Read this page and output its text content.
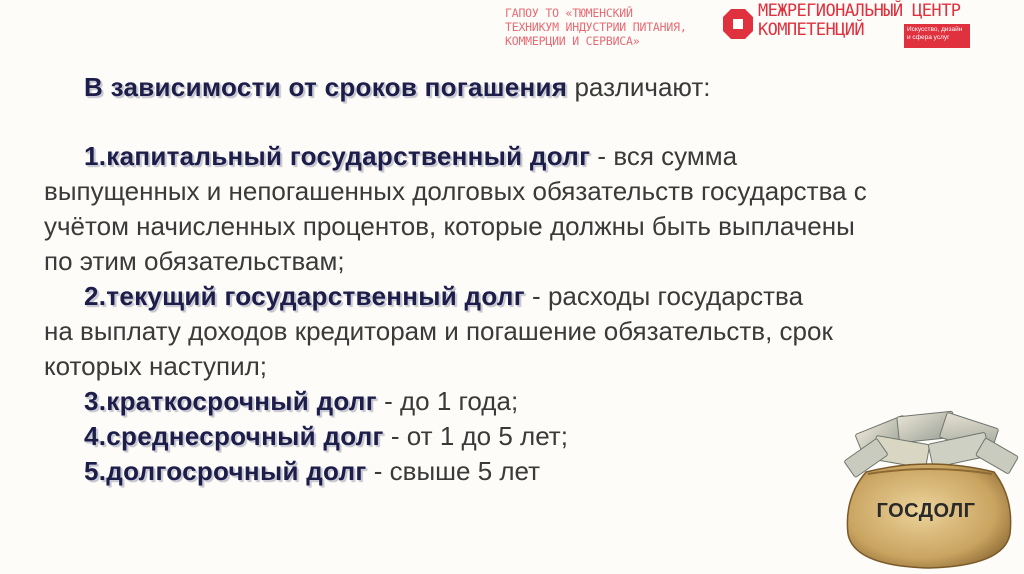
ГАПОУ ТО «ТЮМЕНСКИЙ
ТЕХНИКУМ ИНДУСТРИИ ПИТАНИЯ,
КОММЕРЦИИ И СЕРВИСА»
МЕЖРЕГИОНАЛЬНЫЙ ЦЕНТР
КОМПЕТЕНЦИЙ	Искусство, дизайн
и сфера услуг
В зависимости от сроков погашения различают:
1.капитальный государственный долг - вся сумма
выпущенных и непогашенных долговых обязательств государства с
учётом начисленных процентов, которые должны быть выплачены
по этим обязательствам;
2.текущий государственный долг - расходы государства
на выплату доходов кредиторам и погашение обязательств, срок
которых наступил;
3.краткосрочный долг - до 1 года;
4.среднесрочный долг - от 1 до 5 лет;
5.долгосрочный долг - свыше 5 лет
ГОСДОЛГ
